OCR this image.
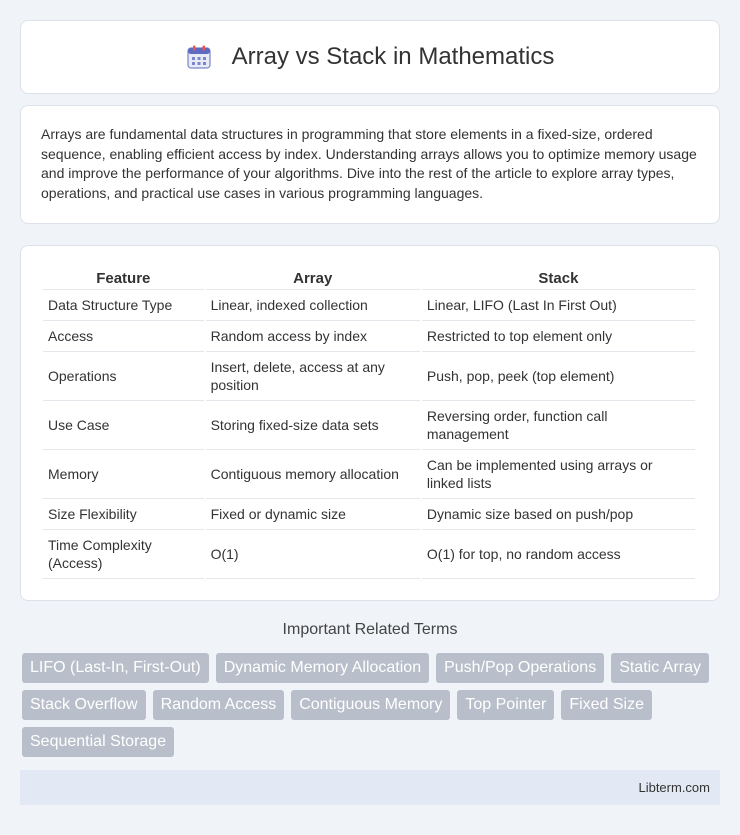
Array vs Stack in Mathematics

Arrays are fundamental data structures in programming that store elements in a fixed-size, ordered sequence, enabling efficient access by index. Understanding arrays allows you to optimize memory usage and improve the performance of your algorithms. Dive into the rest of the article to explore array types, operations, and practical use cases in various programming languages.

Feature	Array	Stack
Data Structure Type	Linear, indexed collection	Linear, LIFO (Last In First Out)
Access	Random access by index	Restricted to top element only
Operations	Insert, delete, access at any position	Push, pop, peek (top element)
Use Case	Storing fixed-size data sets	Reversing order, function call management
Memory	Contiguous memory allocation	Can be implemented using arrays or linked lists
Size Flexibility	Fixed or dynamic size	Dynamic size based on push/pop
Time Complexity (Access)	O(1)	O(1) for top, no random access
Important Related Terms
LIFO (Last-In, First-Out)	Dynamic Memory Allocation	Push/Pop Operations	Static Array
Stack Overflow	Random Access	Contiguous Memory	Top Pointer	Fixed Size
Sequential Storage
Libterm.com
